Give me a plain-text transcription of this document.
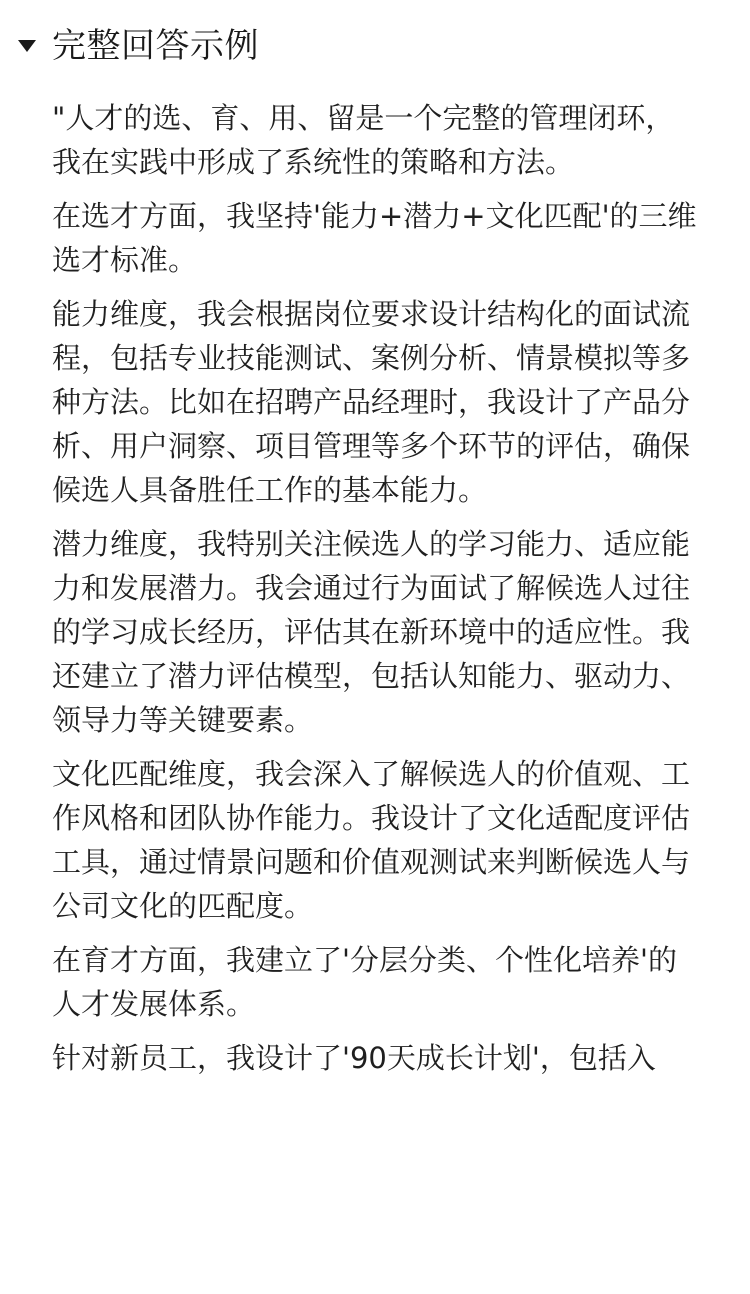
完整回答示例

"人才的选、育、用、留是一个完整的管理闭环，我在实践中形成了系统性的策略和方法。

在选才方面，我坚持'能力+潜力+文化匹配'的三维选才标准。

能力维度，我会根据岗位要求设计结构化的面试流程，包括专业技能测试、案例分析、情景模拟等多种方法。比如在招聘产品经理时，我设计了产品分析、用户洞察、项目管理等多个环节的评估，确保候选人具备胜任工作的基本能力。

潜力维度，我特别关注候选人的学习能力、适应能力和发展潜力。我会通过行为面试了解候选人过往的学习成长经历，评估其在新环境中的适应性。我还建立了潜力评估模型，包括认知能力、驱动力、领导力等关键要素。

文化匹配维度，我会深入了解候选人的价值观、工作风格和团队协作能力。我设计了文化适配度评估工具，通过情景问题和价值观测试来判断候选人与公司文化的匹配度。

在育才方面，我建立了'分层分类、个性化培养'的人才发展体系。

针对新员工，我设计了'90天成长计划'，包括入
